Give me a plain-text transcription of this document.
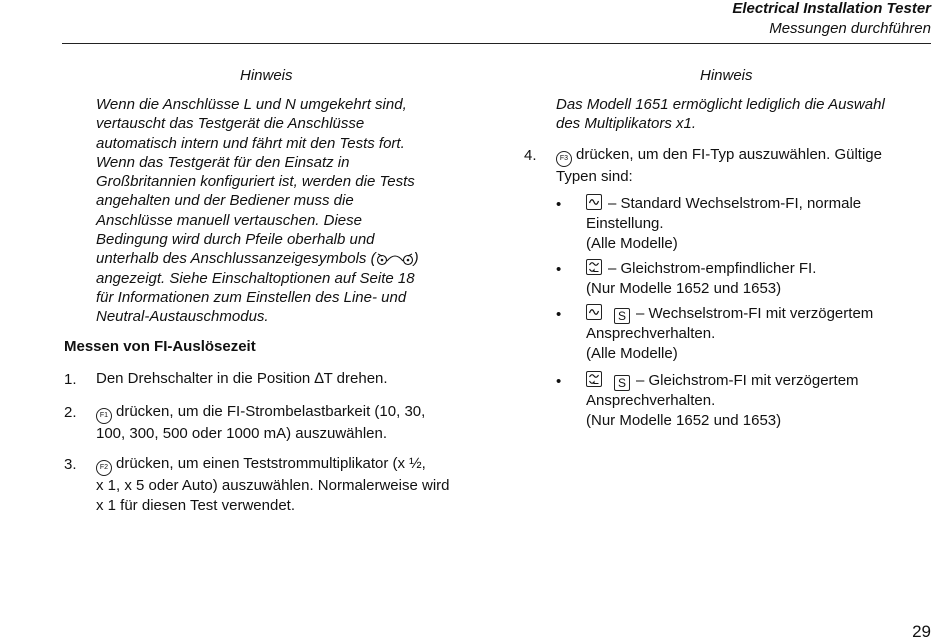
Electrical Installation Tester
Messungen durchführen
Hinweis
Wenn die Anschlüsse L und N umgekehrt sind,
vertauscht das Testgerät die Anschlüsse
automatisch intern und fährt mit den Tests fort.
Wenn das Testgerät für den Einsatz in
Großbritannien konfiguriert ist, werden die Tests
angehalten und der Bediener muss die
Anschlüsse manuell vertauschen. Diese
Bedingung wird durch Pfeile oberhalb und
unterhalb des Anschlussanzeigesymbols (	)
angezeigt. Siehe Einschaltoptionen auf Seite 18
für Informationen zum Einstellen des Line- und
Neutral-Austauschmodus.
Messen von FI-Auslösezeit
1. Den Drehschalter in die Position ∆T drehen.
2.	F1 drücken, um die FI-Strombelastbarkeit (10, 30,
100, 300, 500 oder 1000 mA) auszuwählen.
3.	F2 drücken, um einen Teststrommultiplikator (x ½,
x 1, x 5 oder Auto) auszuwählen. Normalerweise wird
x 1 für diesen Test verwendet.
Hinweis
Das Modell 1651 ermöglicht lediglich die Auswahl
des Multiplikators x1.
4.	F3 drücken, um den FI-Typ auszuwählen. Gültige
Typen sind:
•	– Standard Wechselstrom-FI, normale
Einstellung.
(Alle Modelle)
•	– Gleichstrom-empfindlicher FI.
(Nur Modelle 1652 und 1653)
•	S – Wechselstrom-FI mit verzögertem
Ansprechverhalten.
(Alle Modelle)
•	S – Gleichstrom-FI mit verzögertem
Ansprechverhalten.
(Nur Modelle 1652 und 1653)
29
